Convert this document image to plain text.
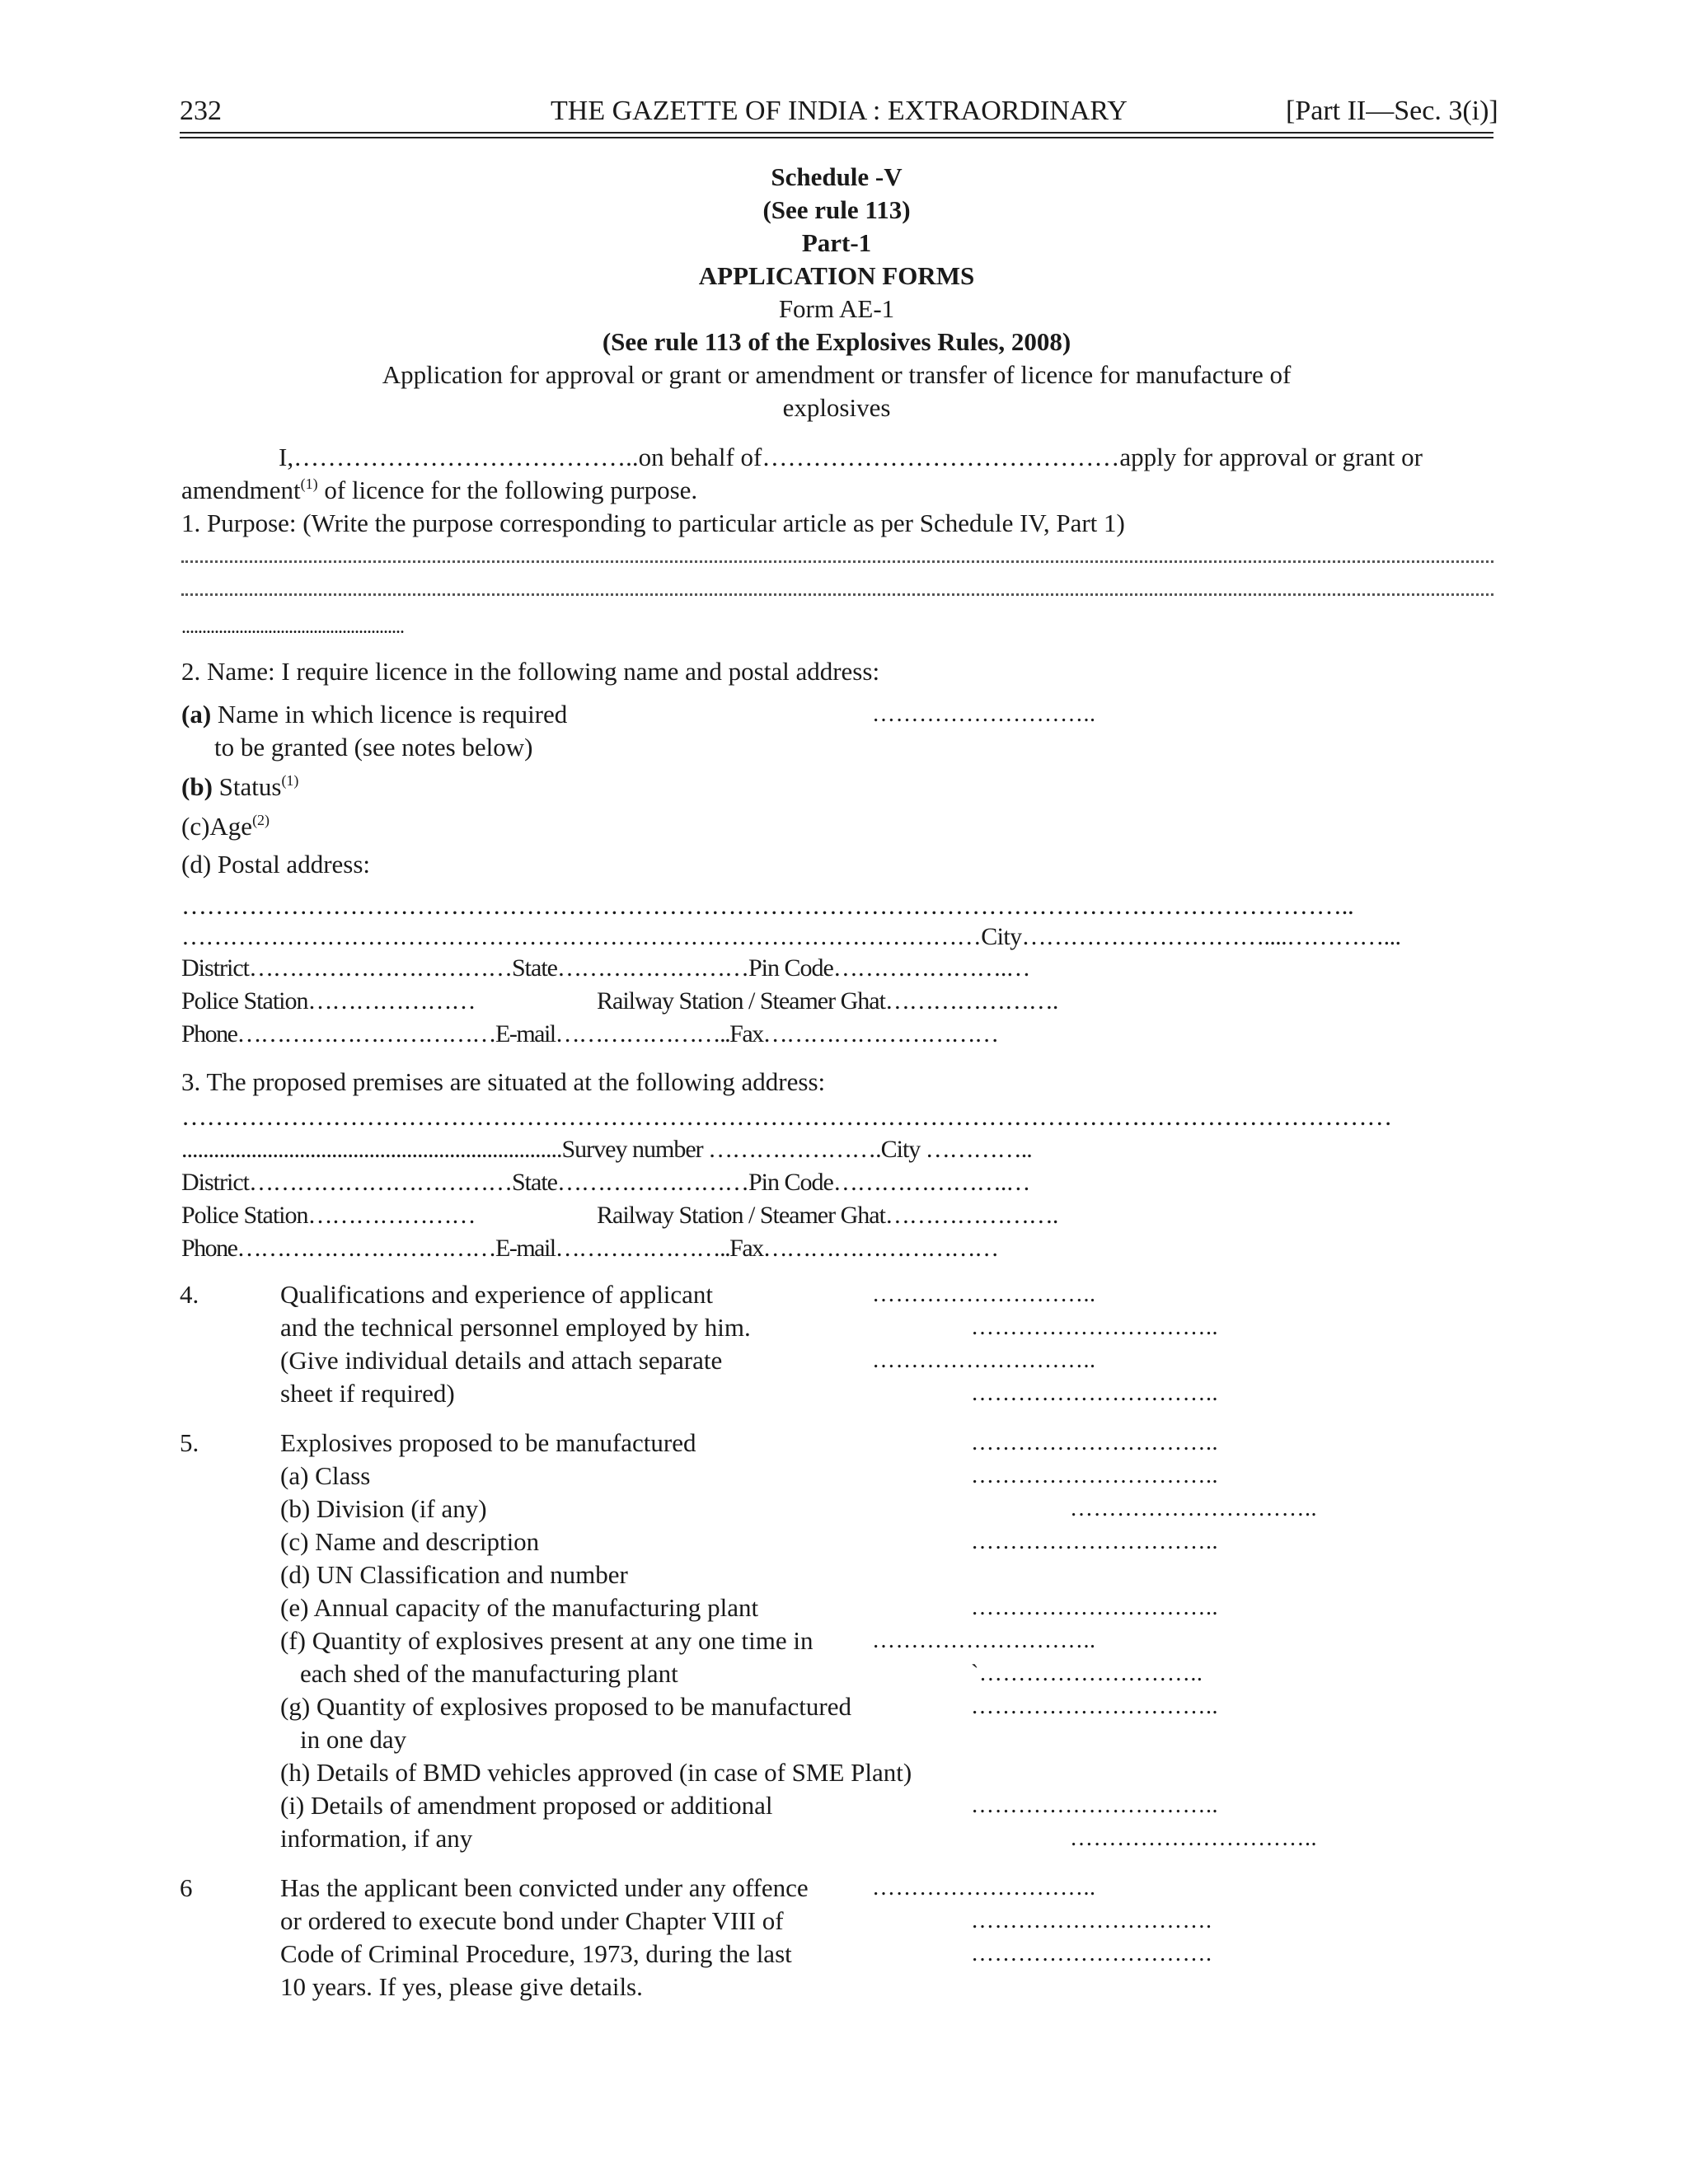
232	THE GAZETTE OF INDIA : EXTRAORDINARY	[Part II—Sec. 3(i)]
Schedule -V
(See rule 113)
Part-1
APPLICATION FORMS
Form AE-1
(See rule 113 of the Explosives Rules, 2008)
Application for approval or grant or amendment or transfer of licence for manufacture of
explosives
I,…………………………………..on behalf of……………………………………apply for approval or grant or
amendment$^{(1)}$ of licence for the following purpose.
1. Purpose: (Write the purpose corresponding to particular article as per Schedule IV, Part 1)
......................................................
2. Name: I require licence in the following name and postal address:
(a) Name in which licence is required	………………………..
to be granted (see notes below)
(b) Status$^{(1)}$
(c)Age$^{(2)}$
(d) Postal address:
…………………………………………………………………………………………………………………………..
………………………………………………………………………………………City…………………………....…………...
District……………………………State……………………Pin Code………………….…
Police Station…………………	Railway Station / Steamer Ghat………………….
Phone……………………………E-mail…………………..Fax…………………………
3. The proposed premises are situated at the following address:
………………………………………………………………………………………………………………………………
.......................................................................Survey number ………………….City …………..
District……………………………State……………………Pin Code………………….…
Police Station…………………	Railway Station / Steamer Ghat………………….
Phone……………………………E-mail…………………..Fax…………………………
4.	Qualifications and experience of applicant	………………………..
and the technical personnel employed by him.	…………………………..
(Give individual details and attach separate	………………………..
sheet if required)	…………………………..
5.	Explosives proposed to be manufactured	…………………………..
(a) Class	…………………………..
(b) Division (if any)	…………………………..
(c) Name and description	…………………………..
(d) UN Classification and number
(e) Annual capacity of the manufacturing plant	…………………………..
(f) Quantity of explosives present at any one time in	………………………..
each shed of the manufacturing plant	`………………………..
(g) Quantity of explosives proposed to be manufactured	…………………………..
in one day
(h) Details of BMD vehicles approved (in case of SME Plant)
(i) Details of amendment proposed or additional	…………………………..
information, if any	…………………………..
6	Has the applicant been convicted under any offence	………………………..
or ordered to execute bond under Chapter VIII of	………………………….
Code of Criminal Procedure, 1973, during the last	………………………….
10 years. If yes, please give details.
